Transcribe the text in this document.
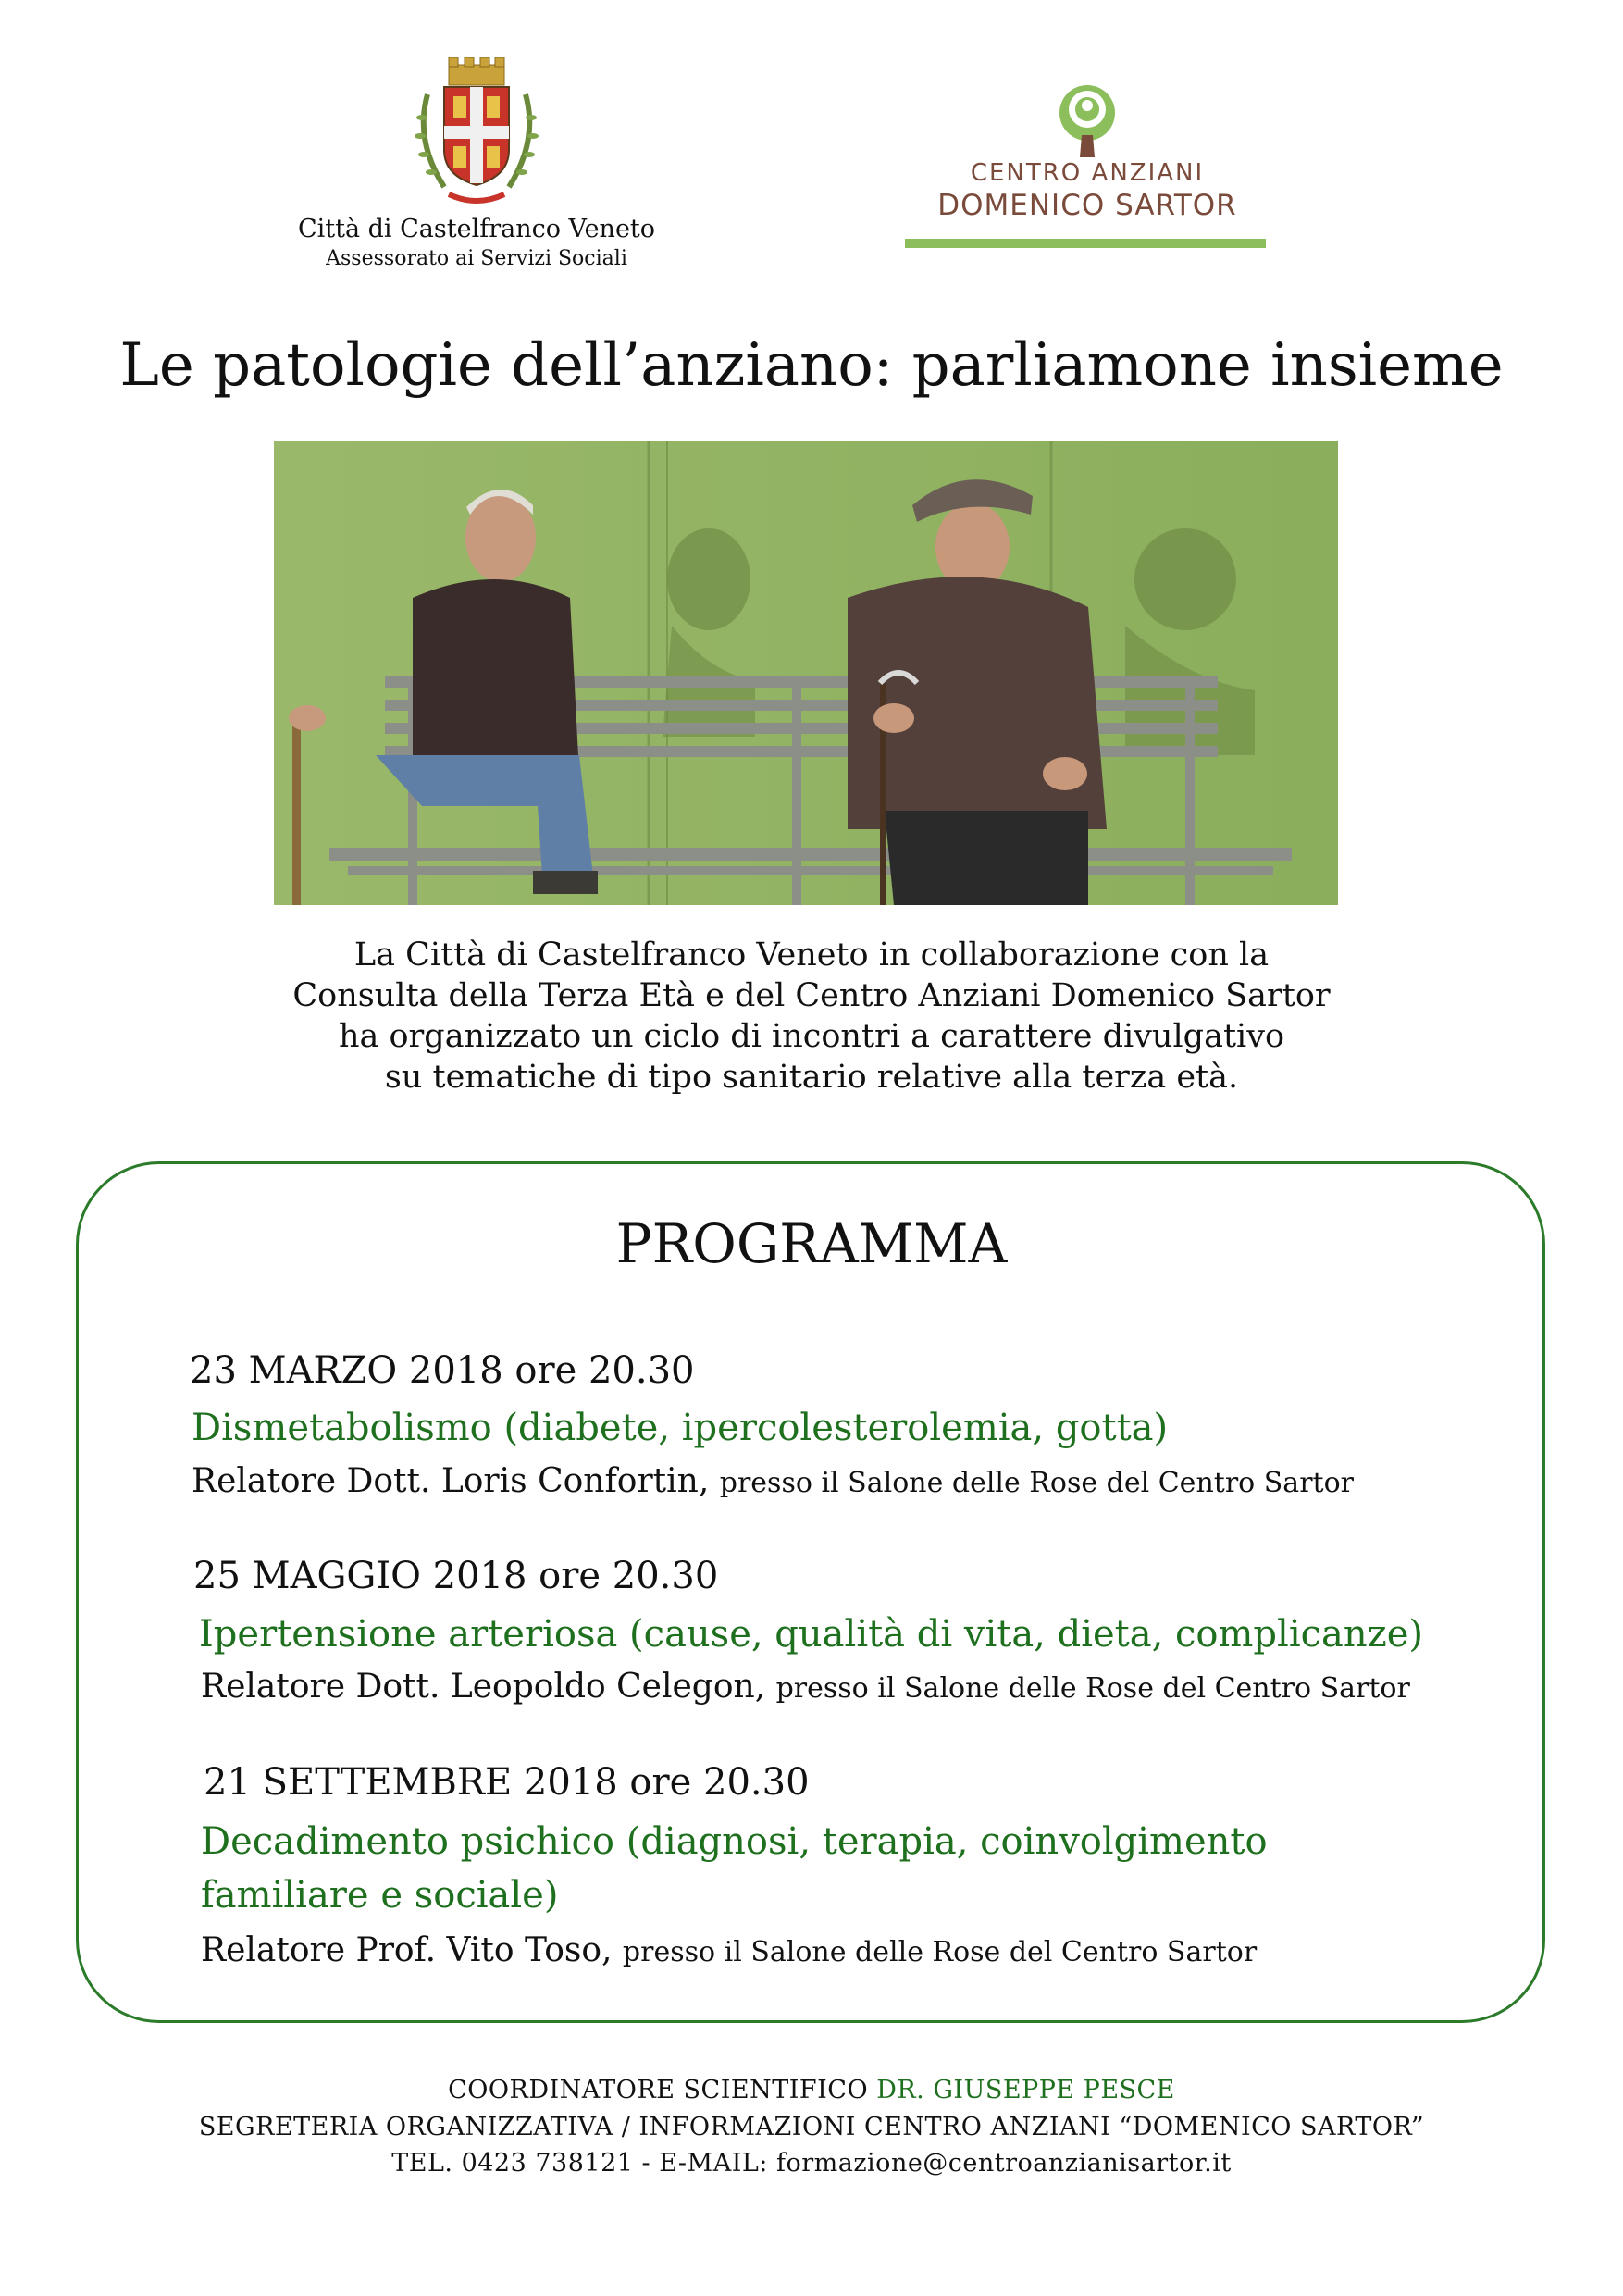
Città di Castelfranco Veneto
Assessorato ai Servizi Sociali
CENTRO ANZIANI
DOMENICO SARTOR
Le patologie dell’anziano: parliamone insieme
La Città di Castelfranco Veneto in collaborazione con la
Consulta della Terza Età e del Centro Anziani Domenico Sartor
ha organizzato un ciclo di incontri a carattere divulgativo
su tematiche di tipo sanitario relative alla terza età.
PROGRAMMA
23 MARZO 2018 ore 20.30
Dismetabolismo (diabete, ipercolesterolemia, gotta)
Relatore Dott. Loris Confortin, presso il Salone delle Rose del Centro Sartor
25 MAGGIO 2018 ore 20.30
Ipertensione arteriosa (cause, qualità di vita, dieta, complicanze)
Relatore Dott. Leopoldo Celegon, presso il Salone delle Rose del Centro Sartor
21 SETTEMBRE 2018 ore 20.30
Decadimento psichico (diagnosi, terapia, coinvolgimento
familiare e sociale)
Relatore Prof. Vito Toso, presso il Salone delle Rose del Centro Sartor
COORDINATORE SCIENTIFICO DR. GIUSEPPE PESCE
SEGRETERIA ORGANIZZATIVA / INFORMAZIONI CENTRO ANZIANI “DOMENICO SARTOR”
TEL. 0423 738121 - E-MAIL: formazione@centroanzianisartor.it
